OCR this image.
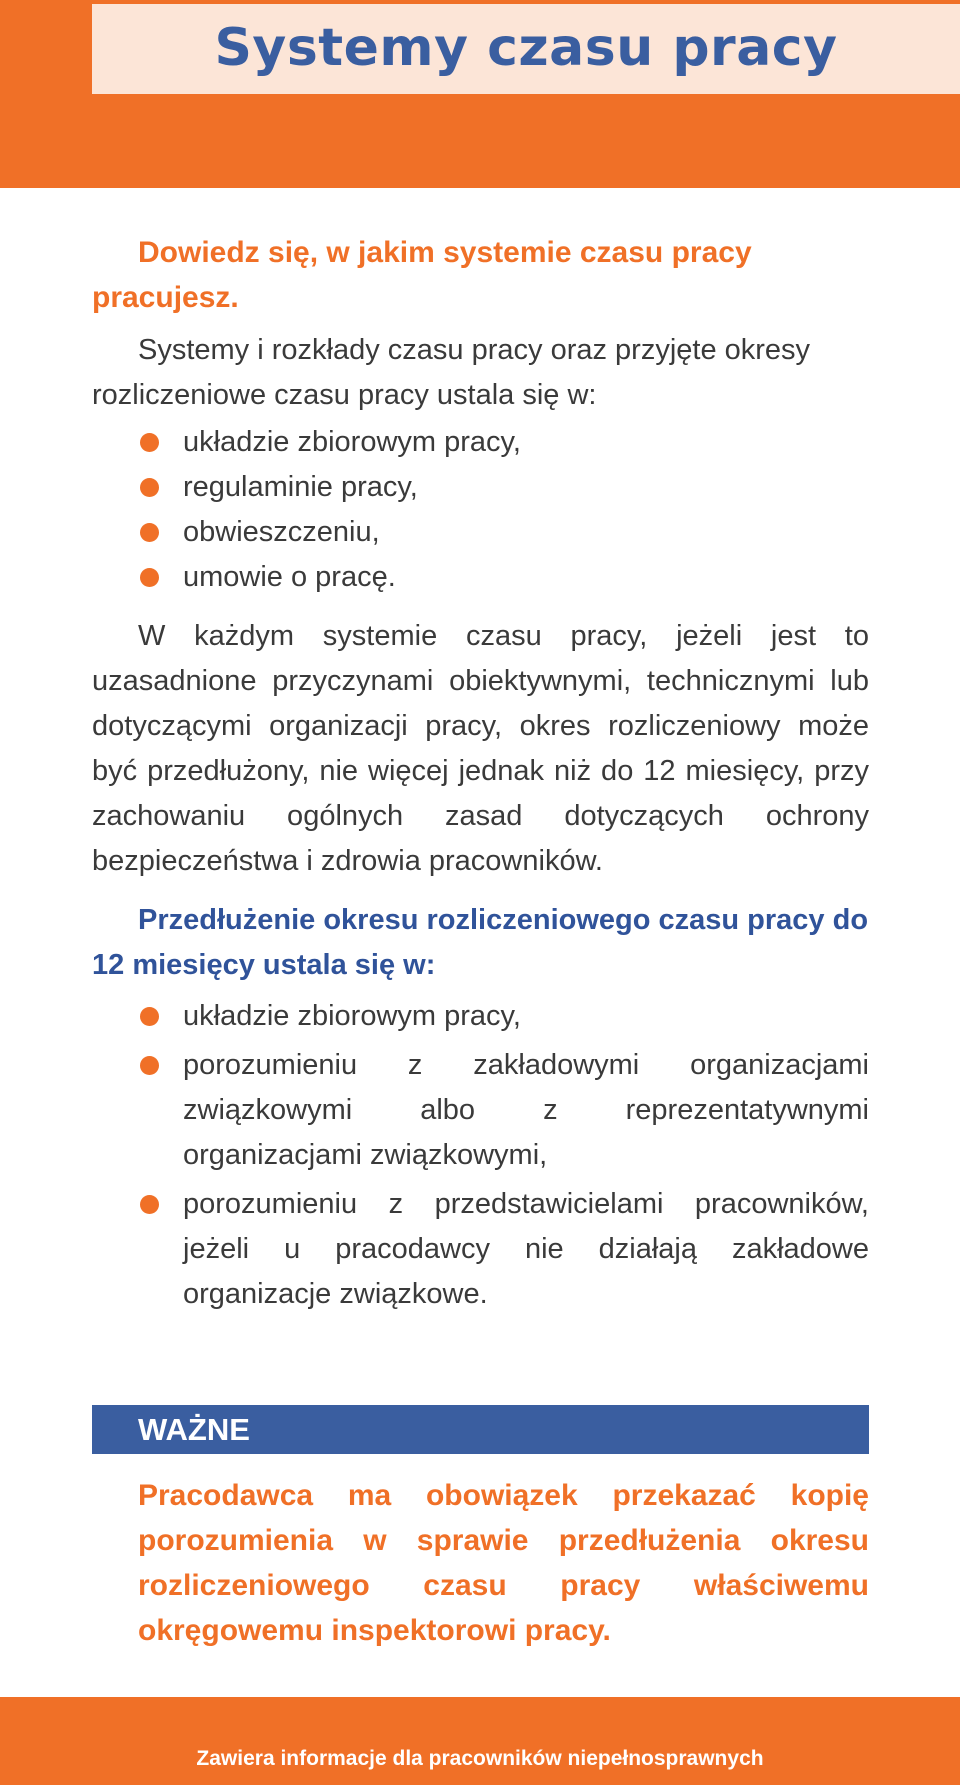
Systemy czasu pracy

Dowiedz się, w jakim systemie czasu pracy pracujesz.

Systemy i rozkłady czasu pracy oraz przyjęte okresy rozliczeniowe czasu pracy ustala się w:

układzie zbiorowym pracy,
regulaminie pracy,
obwieszczeniu,
umowie o pracę.

W każdym systemie czasu pracy, jeżeli jest to uzasadnione przyczynami obiektywnymi, technicznymi lub dotyczącymi organizacji pracy, okres rozliczeniowy może być przedłużony, nie więcej jednak niż do 12 miesięcy, przy zachowaniu ogólnych zasad dotyczących ochrony bezpieczeństwa i zdrowia pracowników.

Przedłużenie okresu rozliczeniowego czasu pracy do 12 miesięcy ustala się w:

układzie zbiorowym pracy,
porozumieniu z zakładowymi organizacjami związkowymi albo z reprezentatywnymi organizacjami związkowymi,
porozumieniu z przedstawicielami pracowników, jeżeli u pracodawcy nie działają zakładowe organizacje związkowe.
WAŻNE

Pracodawca ma obowiązek przekazać kopię porozumienia w sprawie przedłużenia okresu rozliczeniowego czasu pracy właściwemu okręgowemu inspektorowi pracy.

Zawiera informacje dla pracowników niepełnosprawnych
